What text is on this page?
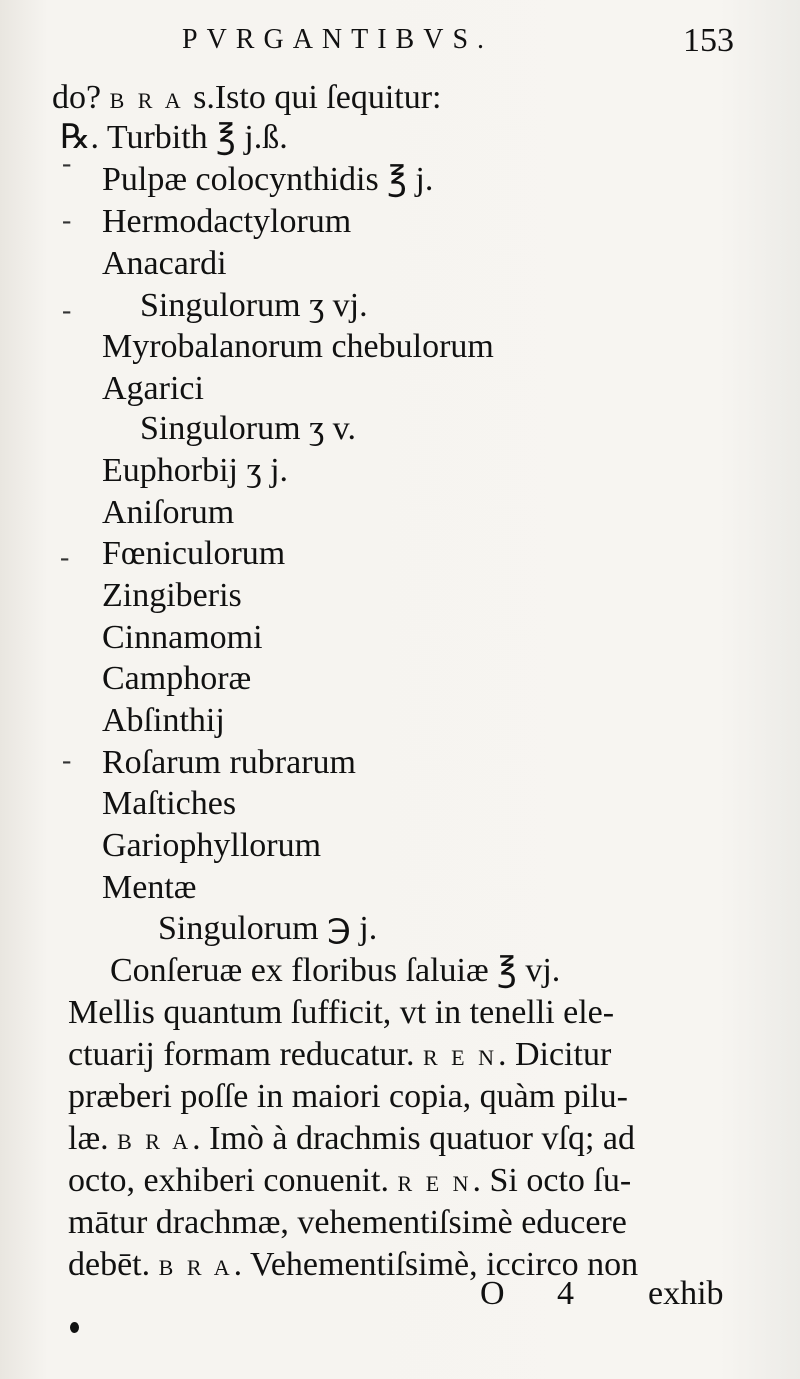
PVRGANTIBVS.	153
-
-
-
-
-
do? B R A s.Isto qui ſequitur:
℞. Turbith ℥ j.ß.
Pulpæ colocynthidis ℥ j.
Hermodactylorum
Anacardi
Singulorum ʒ vj.
Myrobalanorum chebulorum
Agarici
Singulorum ʒ v.
Euphorbij ʒ j.
Aniſorum
Fœniculorum
Zingiberis
Cinnamomi
Camphoræ
Abſinthij
Roſarum rubrarum
Maſtiches
Gariophyllorum
Mentæ
Singulorum ℈ j.
Conſeruæ ex floribus ſaluiæ ℥ vj.
Mellis quantum ſufficit, vt in tenelli ele-
ctuarij formam reducatur. R E N. Dicitur
præberi poſſe in maiori copia, quàm pilu-
læ. B R A. Imò à drachmis quatuor vſq; ad
octo, exhiberi conuenit. R E N. Si octo ſu-
mātur drachmæ, vehementiſsimè educere
debēt. B R A. Vehementiſsimè, iccirco non
O 4 exhib
